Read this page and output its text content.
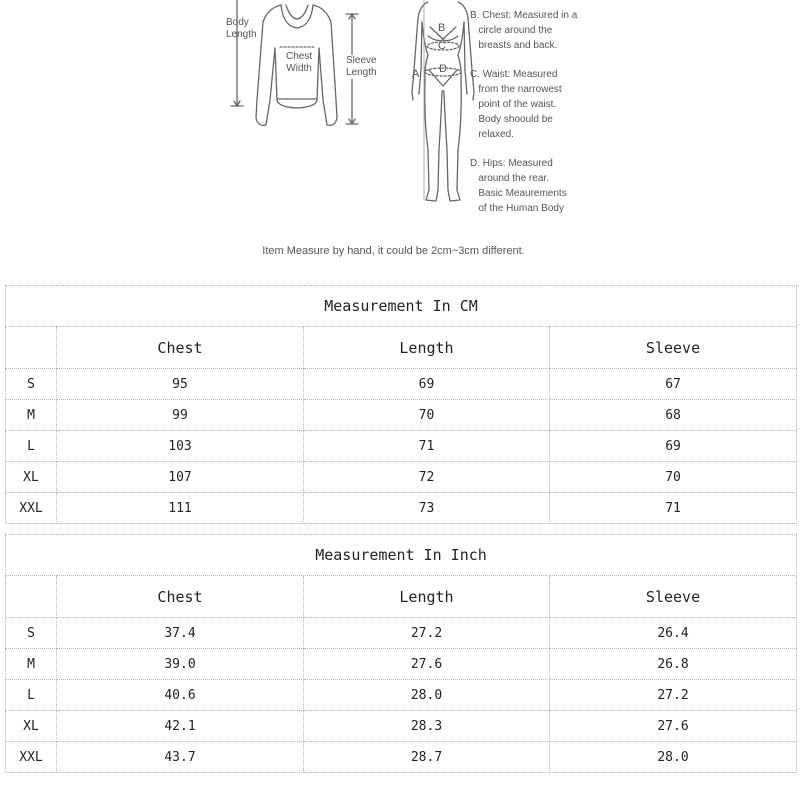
Body
Length
Chest
Width
Sleeve
Length	A
B
C
D
B. Chest: Measured in a
circle around the
breasts and back.
C. Waist: Measured
from the narrowest
point of the waist.
Body shoould be
relaxed.
D. Hips: Measured
around the rear.
Basic Meaurements
of the Human Body
Item Measure by hand, it could be 2cm~3cm different.
Measurement In CM			
	Chest	Length	Sleeve
S	95	69	67
M	99	70	68
L	103	71	69
XL	107	72	70
XXL	111	73	71
Measurement In Inch			
	Chest	Length	Sleeve
S	37.4	27.2	26.4
M	39.0	27.6	26.8
L	40.6	28.0	27.2
XL	42.1	28.3	27.6
XXL	43.7	28.7	28.0
